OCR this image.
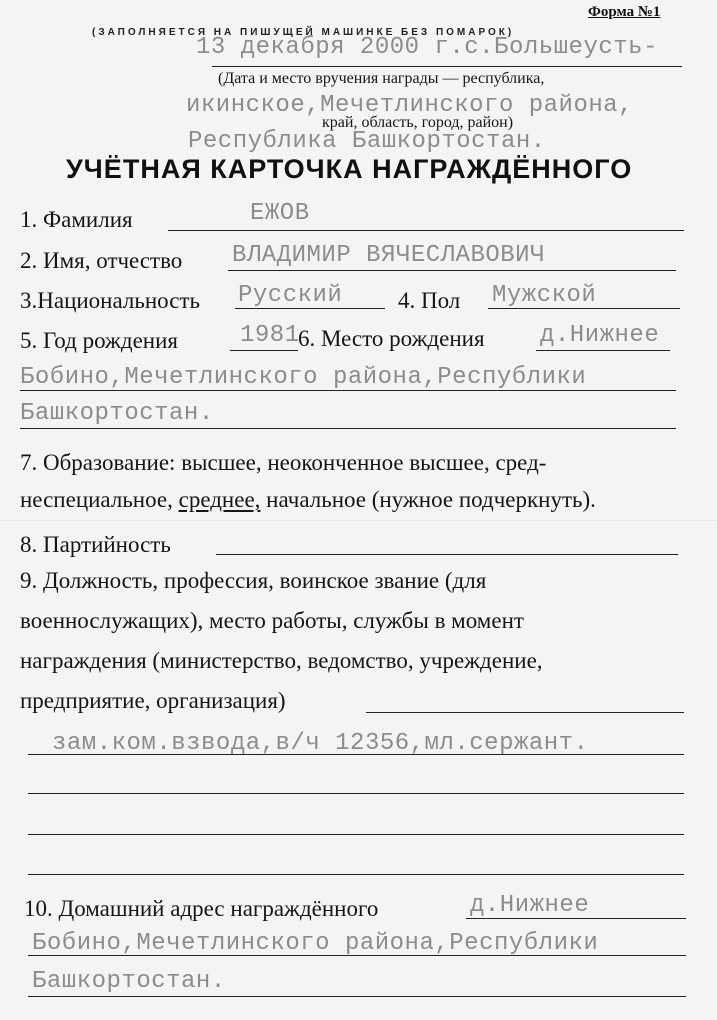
Форма №1
(ЗАПОЛНЯЕТСЯ НА ПИШУЩЕЙ МАШИНКЕ БЕЗ ПОМАРОК)
13 декабря 2000 г.с.Большеусть-
(Дата и место вручения награды — республика,
икинское,Мечетлинского района,
край, область, город, район)
Республика Башкортостан.
УЧЁТНАЯ КАРТОЧКА НАГРАЖДЁННОГО
1. Фамилия	ЕЖОВ
2. Имя, отчество ВЛАДИМИР ВЯЧЕСЛАВОВИЧ
3.Национальность Русский 4. Пол Мужской
5. Год рождения	1981
6. Место рождения д.Нижнее
Бобино,Мечетлинского района,Республики
Башкортостан.
7. Образование: высшее, неоконченное высшее, сред-
неспециальное, среднее, начальное (нужное подчеркнуть).
8. Партийность
9. Должность, профессия, воинское звание (для
военнослужащих), место работы, службы в момент
награждения (министерство, ведомство, учреждение,
предприятие, организация)
зам.ком.взвода,в/ч 12356,мл.сержант.
10. Домашний адрес награждённого	д.Нижнее
Бобино,Мечетлинского района,Республики
Башкортостан.
